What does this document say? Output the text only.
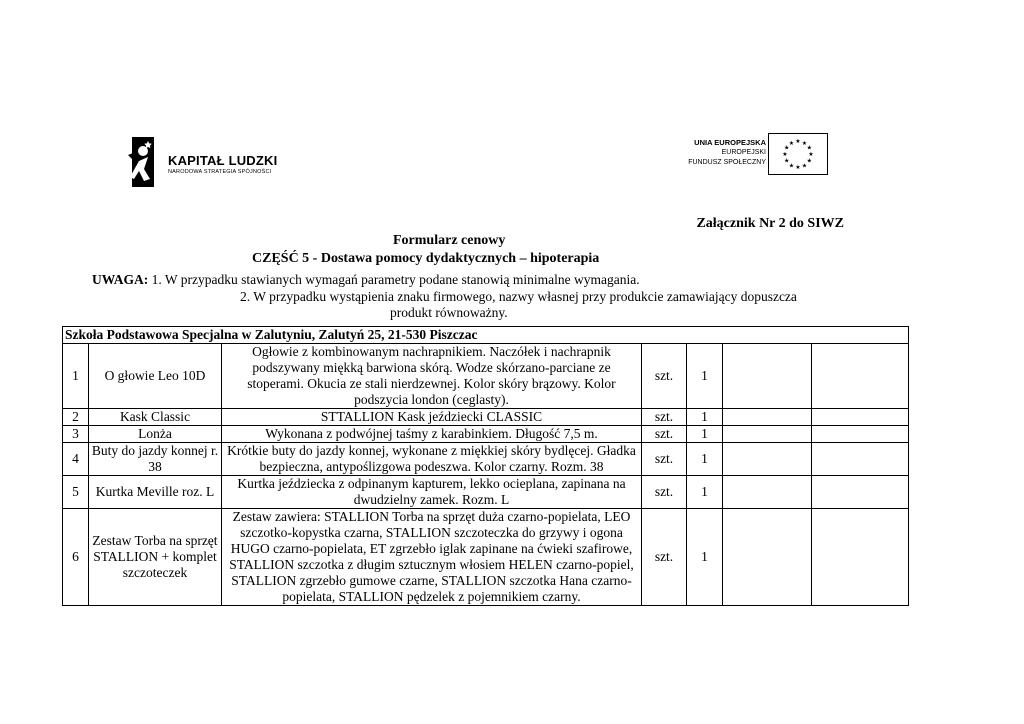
KAPITAŁ LUDZKI
NARODOWA STRATEGIA SPÓJNOŚCI
UNIA EUROPEJSKA
EUROPEJSKI
FUNDUSZ SPOŁECZNY
★ ★
★
★
★
★
★
★
★
★
★
★
Załącznik Nr 2 do SIWZ
Formularz cenowy
CZĘŚĆ 5 - Dostawa pomocy dydaktycznych – hipoterapia
UWAGA: 1. W przypadku stawianych wymagań parametry podane stanowią minimalne wymagania.
2. W przypadku wystąpienia znaku firmowego, nazwy własnej przy produkcie zamawiający dopuszcza
produkt równoważny.
Szkoła Podstawowa Specjalna w Zalutyniu, Zalutyń 25, 21-530 Piszczac						
1	O głowie Leo 10D	Ogłowie z kombinowanym nachrapnikiem. Naczółek i nachrapnik podszywany miękką barwiona skórą. Wodze skórzano-parciane ze stoperami. Okucia ze stali nierdzewnej. Kolor skóry brązowy. Kolor podszycia london (ceglasty).	szt.	1		
2	Kask Classic	STTALLION Kask jeździecki CLASSIC	szt.	1		
3	Lonża	Wykonana z podwójnej taśmy z karabinkiem. Długość 7,5 m.	szt.	1		
4	Buty do jazdy konnej r. 38	Krótkie buty do jazdy konnej, wykonane z miękkiej skóry bydlęcej. Gładka bezpieczna, antypoślizgowa podeszwa. Kolor czarny. Rozm. 38	szt.	1		
5	Kurtka Meville roz. L	Kurtka jeździecka z odpinanym kapturem, lekko ocieplana, zapinana na dwudzielny zamek. Rozm. L	szt.	1		
6	Zestaw Torba na sprzęt STALLION + komplet szczoteczek	Zestaw zawiera: STALLION Torba na sprzęt duża czarno-popielata, LEO szczotko-kopystka czarna, STALLION szczoteczka do grzywy i ogona HUGO czarno-popielata, ET zgrzebło iglak zapinane na ćwieki szafirowe, STALLION szczotka z długim sztucznym włosiem HELEN czarno-popiel, STALLION zgrzebło gumowe czarne, STALLION szczotka Hana czarno-popielata, STALLION pędzelek z pojemnikiem czarny.	szt.	1		
